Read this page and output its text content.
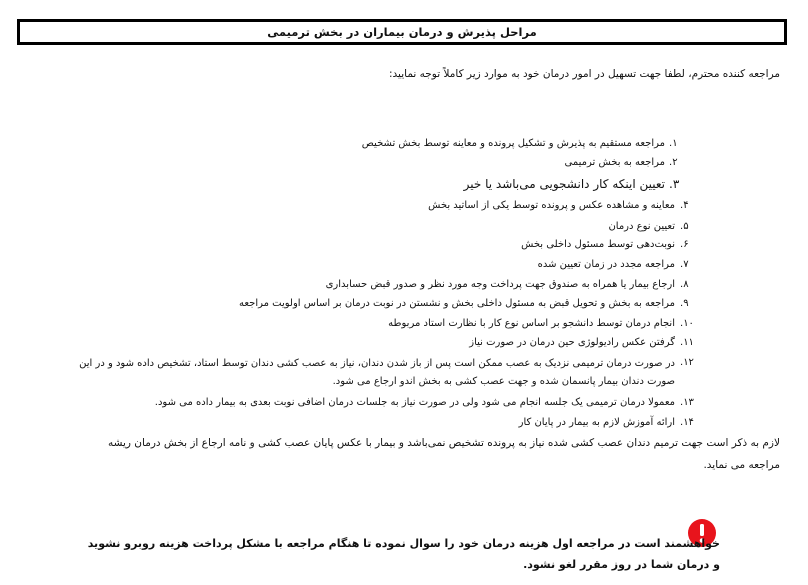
مراحل پذیرش و درمان بیماران در بخش ترمیمی
مراجعه کننده محترم، لطفا جهت تسهیل در امور درمان خود به موارد زیر کاملاً توجه نمایید:
۱.
مراجعه مستقیم به پذیرش و تشکیل پرونده و معاینه توسط بخش تشخیص
۲.
مراجعه به بخش ترمیمی
۳.
تعیین اینکه کار دانشجویی می‌باشد یا خیر
۴.
معاینه و مشاهده عکس و پرونده توسط یکی از اساتید بخش
۵.
تعیین نوع درمان
۶.
نوبت‌دهی توسط مسئول داخلی بخش
۷.
مراجعه مجدد در زمان تعیین شده
۸.
ارجاع بیمار یا همراه به صندوق جهت پرداخت وجه مورد نظر و صدور قبض حسابداری
۹.
مراجعه به بخش و تحویل قبض به مسئول داخلی بخش و نشستن در نوبت درمان بر اساس اولویت مراجعه
۱۰.
انجام درمان توسط دانشجو بر اساس نوع کار با نظارت استاد مربوطه
۱۱.
گرفتن عکس رادیولوژی حین درمان در صورت نیاز
۱۲.
در صورت درمان ترمیمی نزدیک به عصب ممکن است پس از باز شدن دندان، نیاز به عصب کشی دندان توسط استاد، تشخیص داده شود و در این صورت دندان بیمار پانسمان شده و جهت عصب کشی به بخش اندو ارجاع می شود.
۱۳.
معمولا درمان ترمیمی یک جلسه انجام می شود ولی در صورت نیاز به جلسات درمان اضافی نوبت بعدی به بیمار داده می شود.
۱۴.
ارائه آموزش لازم به بیمار در پایان کار
لازم به ذکر است جهت ترمیم دندان عصب کشی شده نیاز به پرونده تشخیص نمی‌باشد و بیمار با عکس پایان عصب کشی و نامه ارجاع از بخش درمان ریشه مراجعه می نماید.
خواهشمند است در مراجعه اول هزینه درمان خود را سوال نموده تا هنگام مراجعه با مشکل پرداخت هزینه روبرو نشوید و درمان شما در روز مقرر لغو نشود.
